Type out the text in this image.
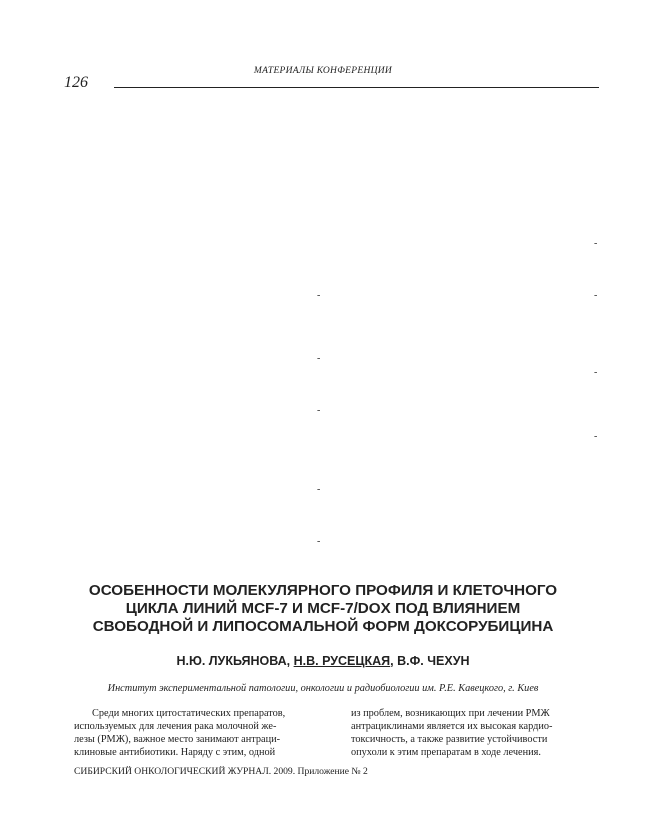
МАТЕРИАЛЫ КОНФЕРЕНЦИИ
126
-
-	-
-
-
-
-
-
-
ОСОБЕННОСТИ МОЛЕКУЛЯРНОГО ПРОФИЛЯ И КЛЕТОЧНОГО
ЦИКЛА ЛИНИЙ MCF-7 И MCF-7/DOX ПОД ВЛИЯНИЕМ
СВОБОДНОЙ И ЛИПОСОМАЛЬНОЙ ФОРМ ДОКСОРУБИЦИНА
Н.Ю. ЛУКЬЯНОВА, Н.В. РУСЕЦКАЯ, В.Ф. ЧЕХУН
Институт экспериментальной патологии, онкологии и радиобиологии им. Р.Е. Кавецкого, г. Киев
Среди многих цитостатических препаратов,
используемых для лечения рака молочной же-
лезы (РМЖ), важное место занимают антраци-
клиновые антибиотики. Наряду с этим, одной
из проблем, возникающих при лечении РМЖ
антрациклинами является их высокая кардио-
токсичность, а также развитие устойчивости
опухоли к этим препаратам в ходе лечения.
СИБИРСКИЙ ОНКОЛОГИЧЕСКИЙ ЖУРНАЛ. 2009. Приложение № 2
